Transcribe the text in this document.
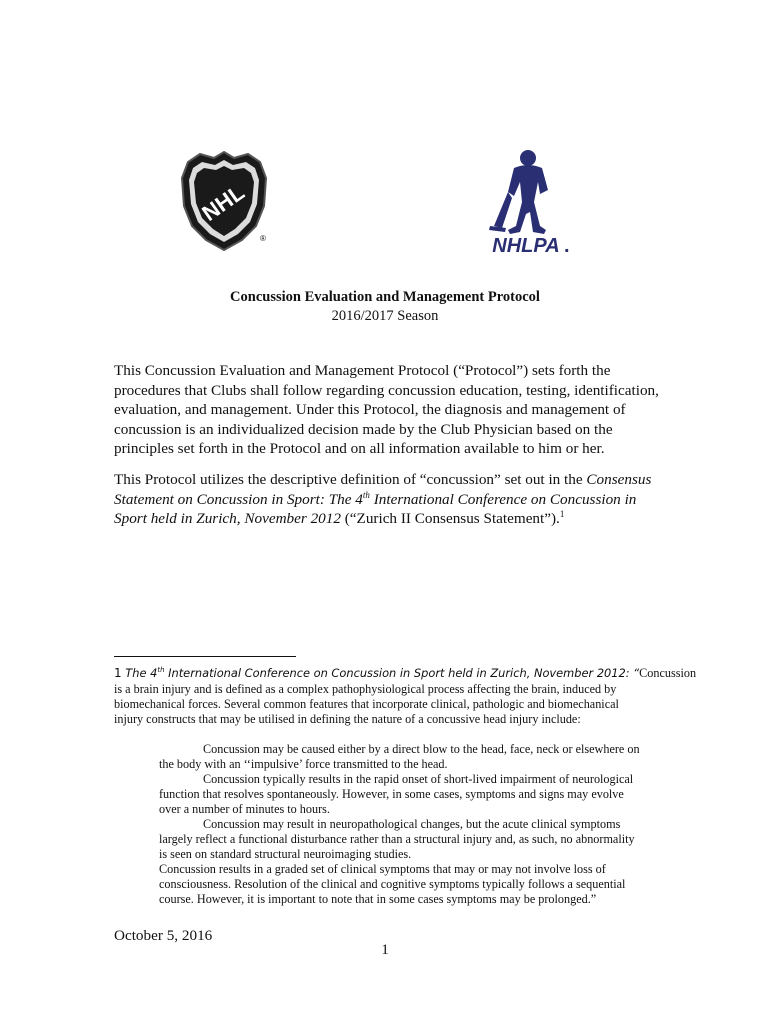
NHL
®	NHLPA .
Concussion Evaluation and Management Protocol
2016/2017 Season
This Concussion Evaluation and Management Protocol (“Protocol”) sets forth the
procedures that Clubs shall follow regarding concussion education, testing, identification,
evaluation, and management. Under this Protocol, the diagnosis and management of
concussion is an individualized decision made by the Club Physician based on the
principles set forth in the Protocol and on all information available to him or her.
This Protocol utilizes the descriptive definition of “concussion” set out in the Consensus
Statement on Concussion in Sport: The 4th International Conference on Concussion in
Sport held in Zurich, November 2012 (“Zurich II Consensus Statement”).$^1$
1 The 4th International Conference on Concussion in Sport held in Zurich, November 2012: “Concussion
is a brain injury and is defined as a complex pathophysiological process affecting the brain, induced by
biomechanical forces. Several common features that incorporate clinical, pathologic and biomechanical
injury constructs that may be utilised in defining the nature of a concussive head injury include:
Concussion may be caused either by a direct blow to the head, face, neck or elsewhere on
the body with an ‘‘impulsive’ force transmitted to the head.
Concussion typically results in the rapid onset of short-lived impairment of neurological
function that resolves spontaneously. However, in some cases, symptoms and signs may evolve
over a number of minutes to hours.
Concussion may result in neuropathological changes, but the acute clinical symptoms
largely reflect a functional disturbance rather than a structural injury and, as such, no abnormality
is seen on standard structural neuroimaging studies.
Concussion results in a graded set of clinical symptoms that may or may not involve loss of
consciousness. Resolution of the clinical and cognitive symptoms typically follows a sequential
course. However, it is important to note that in some cases symptoms may be prolonged.”
October 5, 2016
1
